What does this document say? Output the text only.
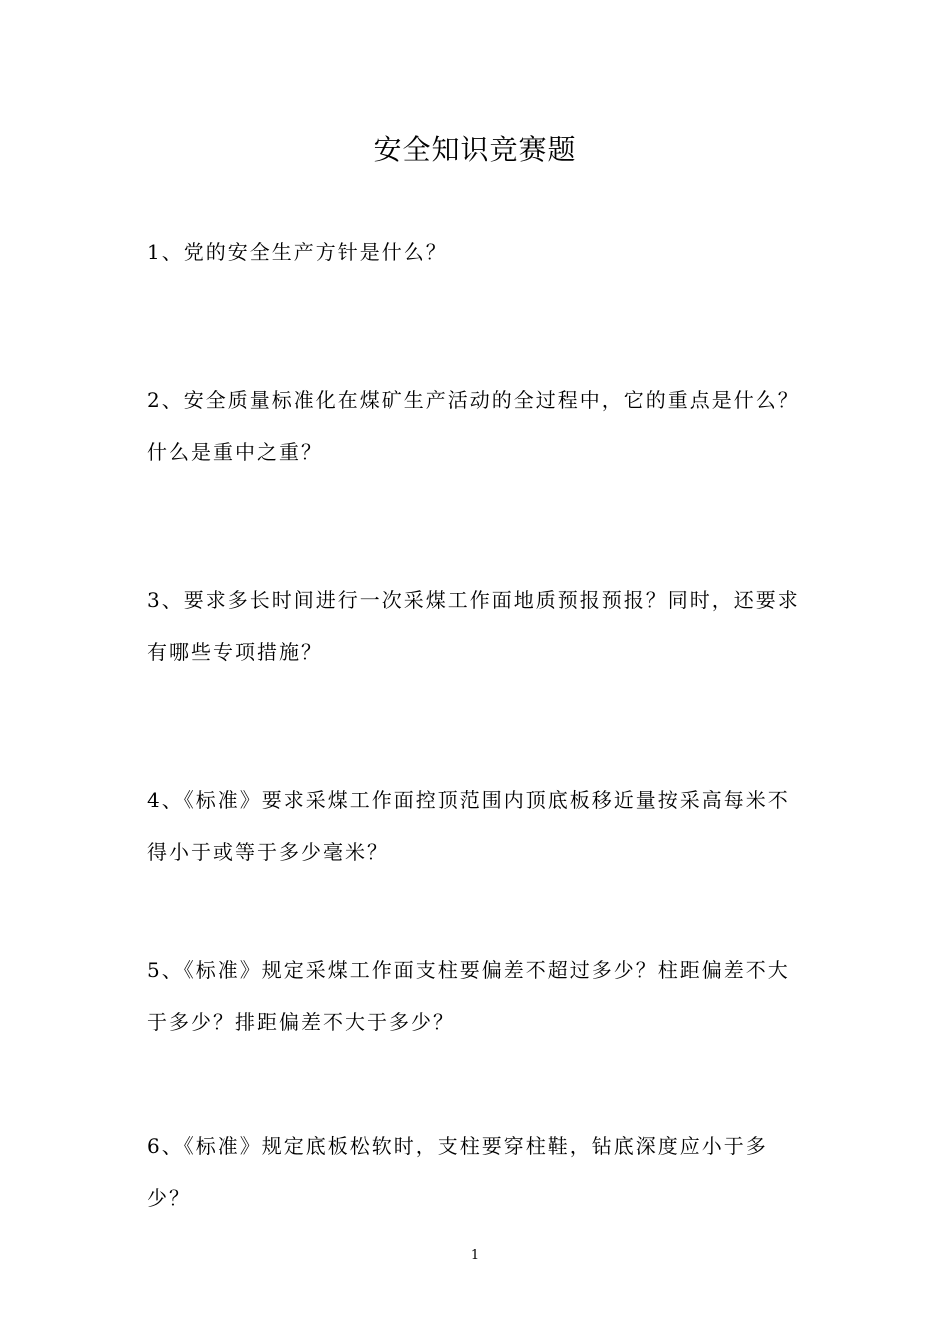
安全知识竞赛题
1、党的安全生产方针是什么？
2、安全质量标准化在煤矿生产活动的全过程中，它的重点是什么？
什么是重中之重？
3、要求多长时间进行一次采煤工作面地质预报预报？同时，还要求
有哪些专项措施？
4、《标准》要求采煤工作面控顶范围内顶底板移近量按采高每米不
得小于或等于多少毫米？
5、《标准》规定采煤工作面支柱要偏差不超过多少？柱距偏差不大
于多少？排距偏差不大于多少？
6、《标准》规定底板松软时，支柱要穿柱鞋，钻底深度应小于多
少？
1
